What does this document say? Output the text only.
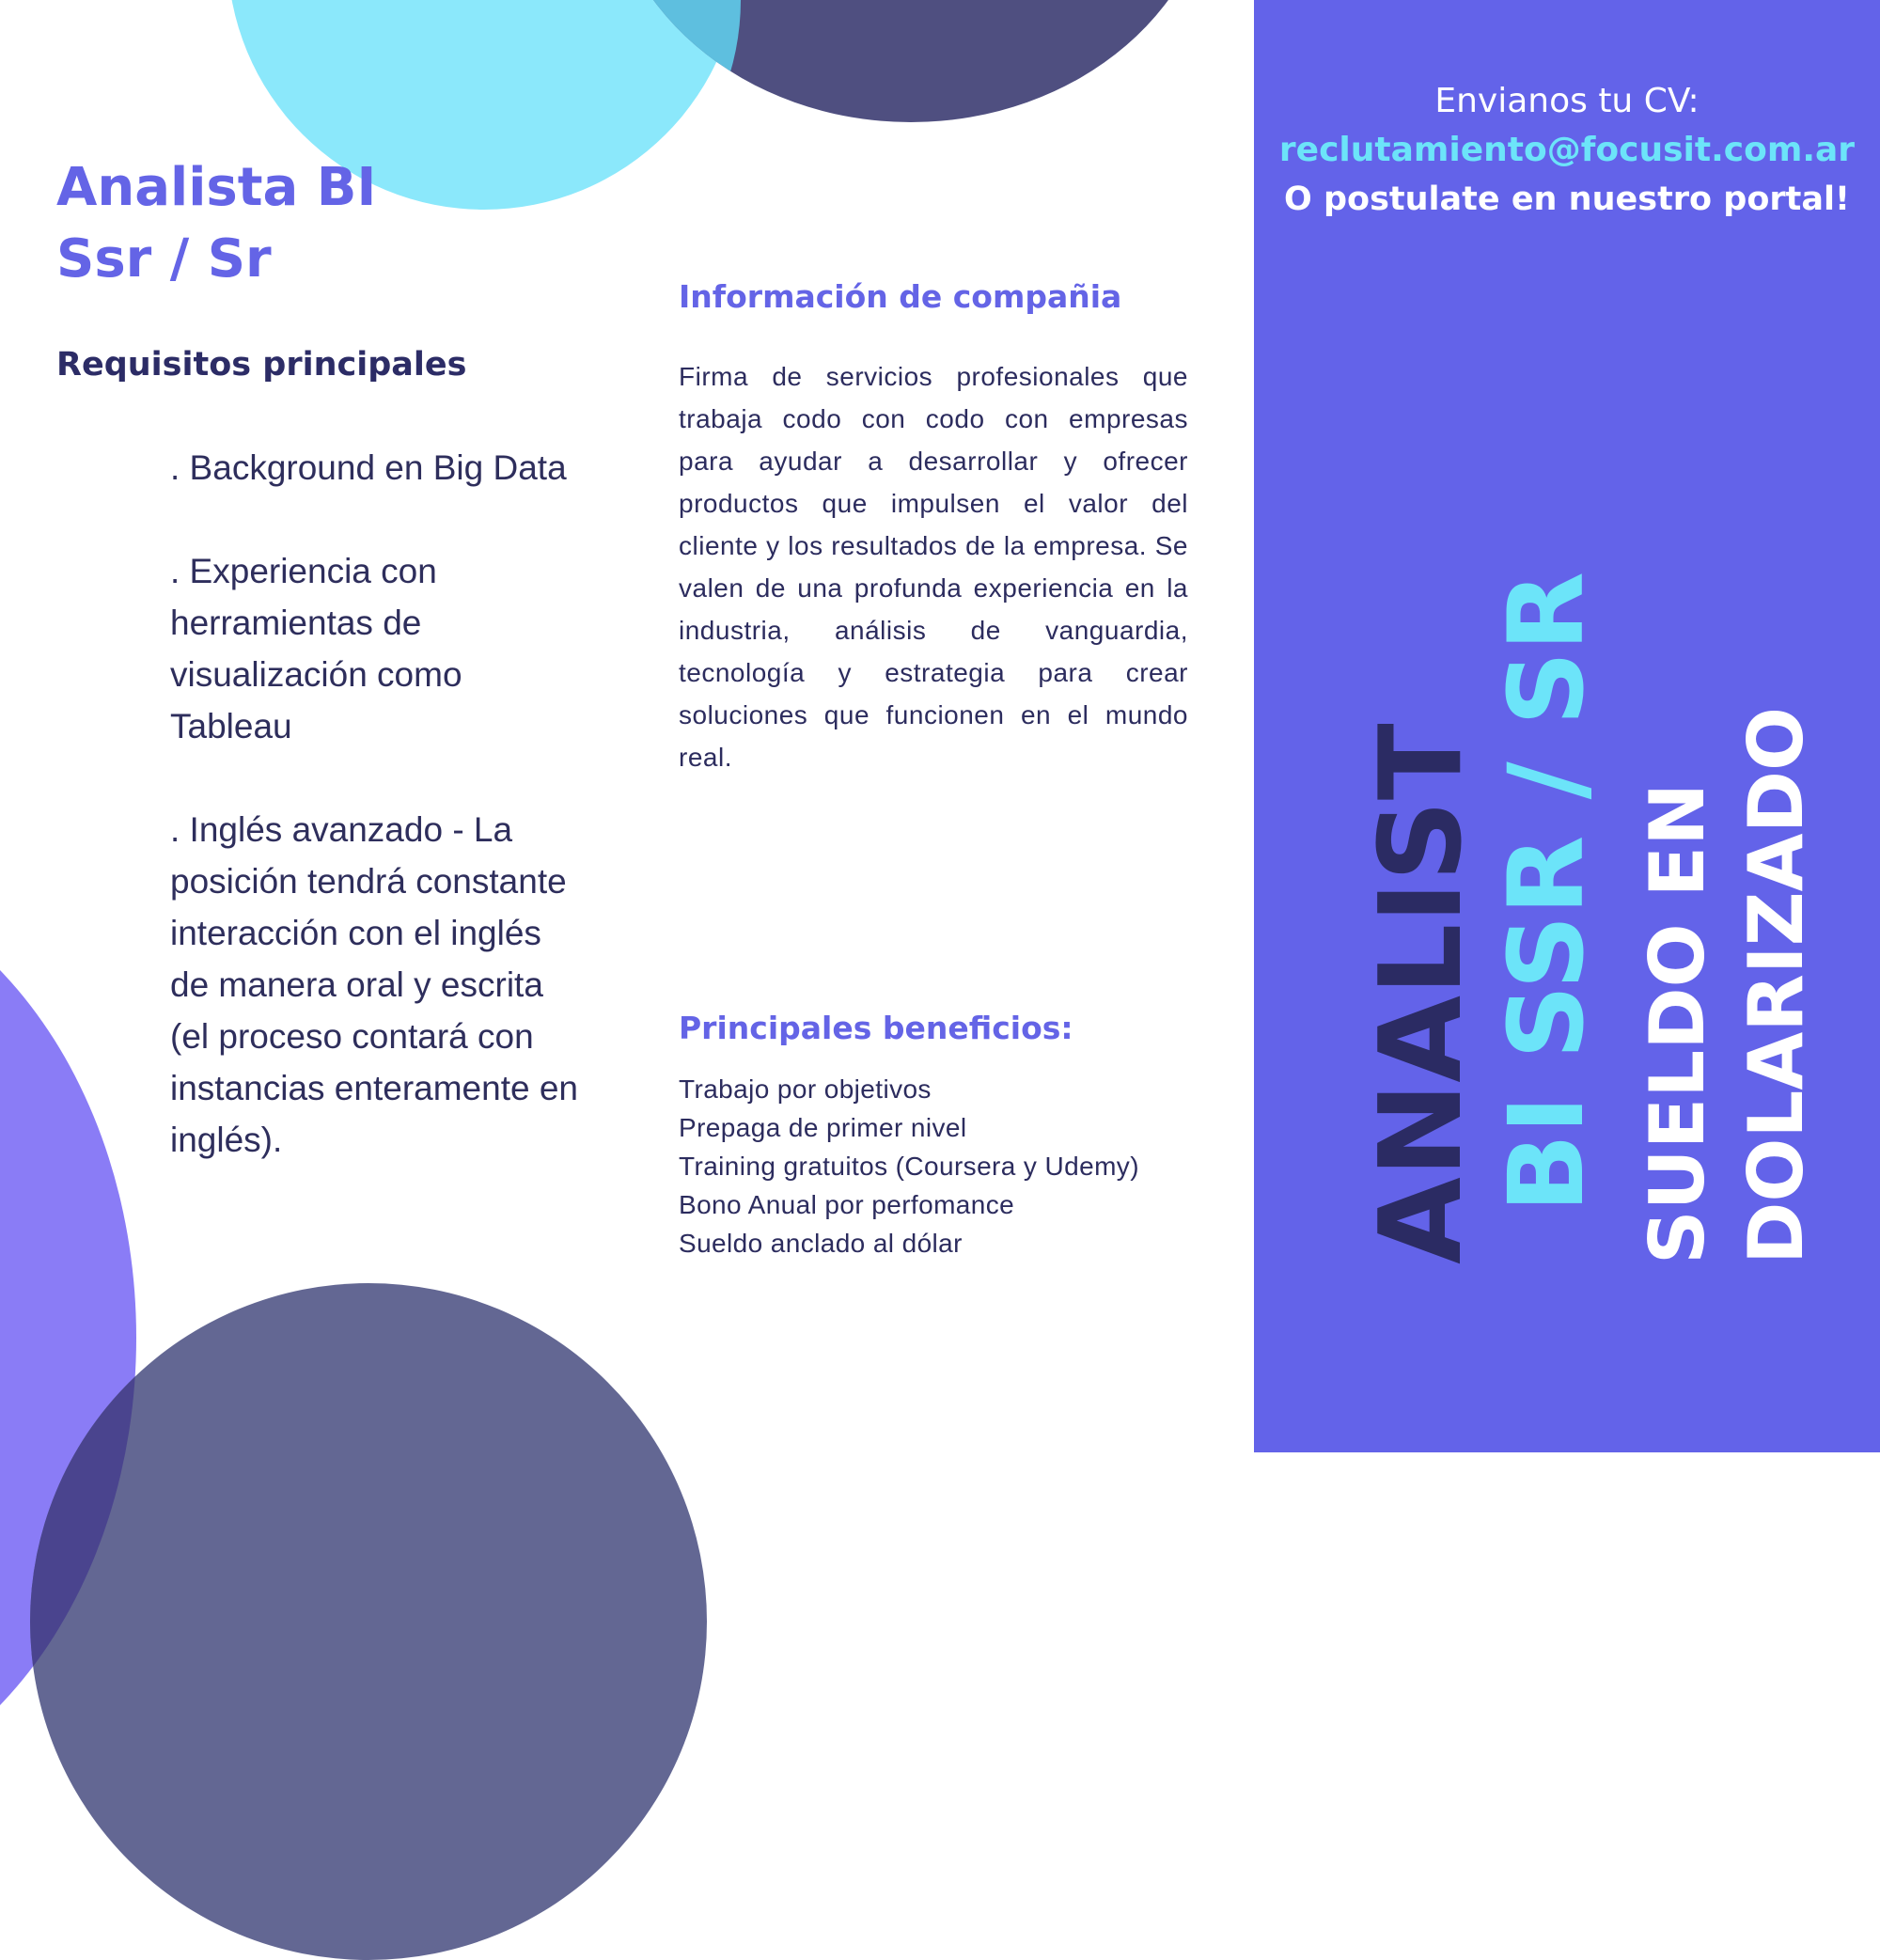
Analista BI
Ssr / Sr
Requisitos principales
. Background en Big Data
. Experiencia con herramientas de visualización como Tableau
. Inglés avanzado - La posición tendrá constante interacción con el inglés de manera oral y escrita (el proceso contará con instancias enteramente en inglés).
Información de compañia

Firma de servicios profesionales que trabaja codo con codo con empresas para ayudar a desarrollar y ofrecer productos que impulsen el valor del cliente y los resultados de la empresa. Se valen de una profunda experiencia en la industria, análisis de vanguardia, tecnología y estrategia para crear soluciones que funcionen en el mundo real.

Principales beneficios:
Trabajo por objetivos
Prepaga de primer nivel
Training gratuitos (Coursera y Udemy)
Bono Anual por perfomance
Sueldo anclado al dólar
Envianos tu CV:
reclutamiento@focusit.com.ar
O postulate en nuestro portal!
ANALIST BI SSR / SR SUELDO EN DOLARIZADO
